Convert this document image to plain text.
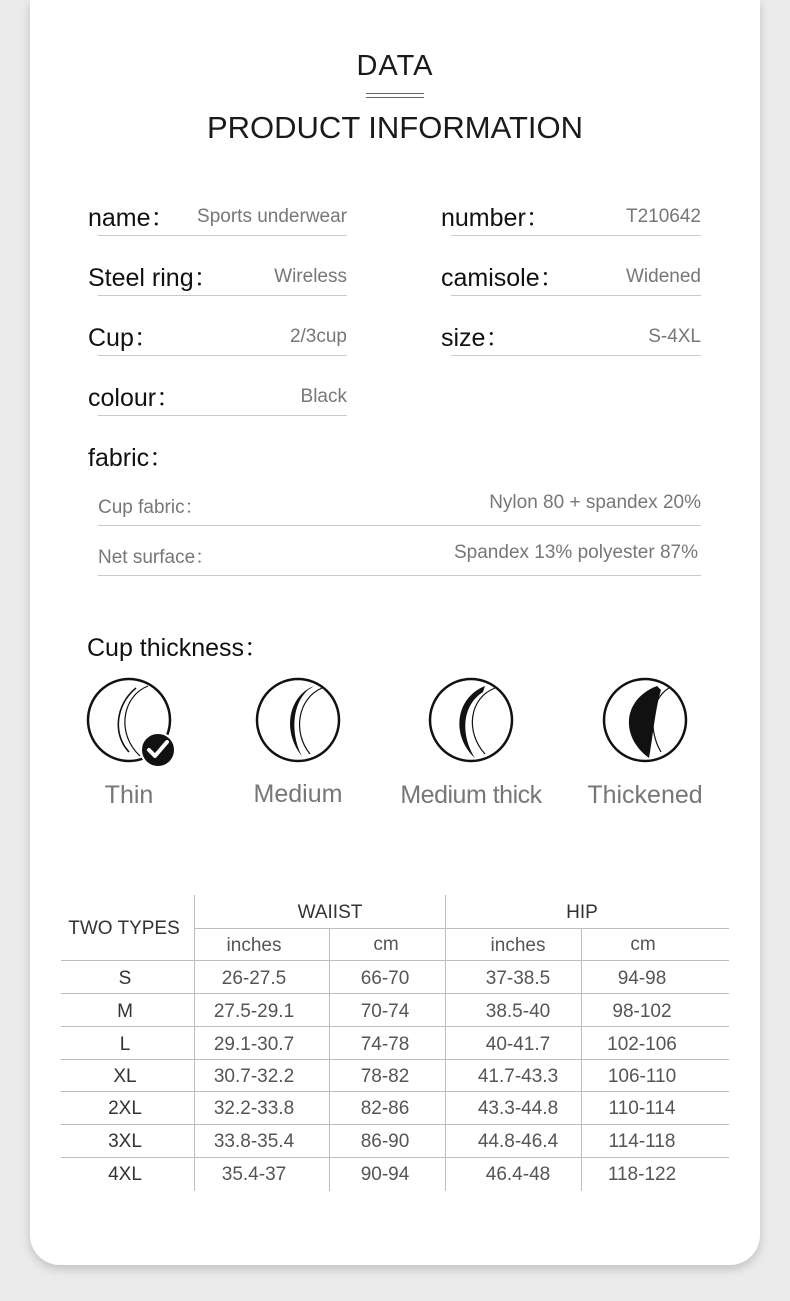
DATA
PRODUCT INFORMATION
name： Sports underwear
Steel ring：	Wireless
Cup：	2/3cup
colour：	Black
number：	T210642
camisole：	Widened
size：	S-4XL
fabric：
Cup fabric：	Nylon 80 + spandex 20%
Net surface：	Spandex 13% polyester 87%
Cup thickness：
Thin	Medium	Medium thick	Thickened
TWO TYPES
WAIIST	HIP
inches	cm	inches	cm
S	26-27.5	66-70	37-38.5	94-98
M	27.5-29.1	70-74	38.5-40	98-102
L	29.1-30.7	74-78	40-41.7	102-106
XL	30.7-32.2	78-82	41.7-43.3	106-110
2XL	32.2-33.8	82-86	43.3-44.8	110-114
3XL	33.8-35.4	86-90	44.8-46.4	114-118
4XL	35.4-37	90-94	46.4-48	118-122
